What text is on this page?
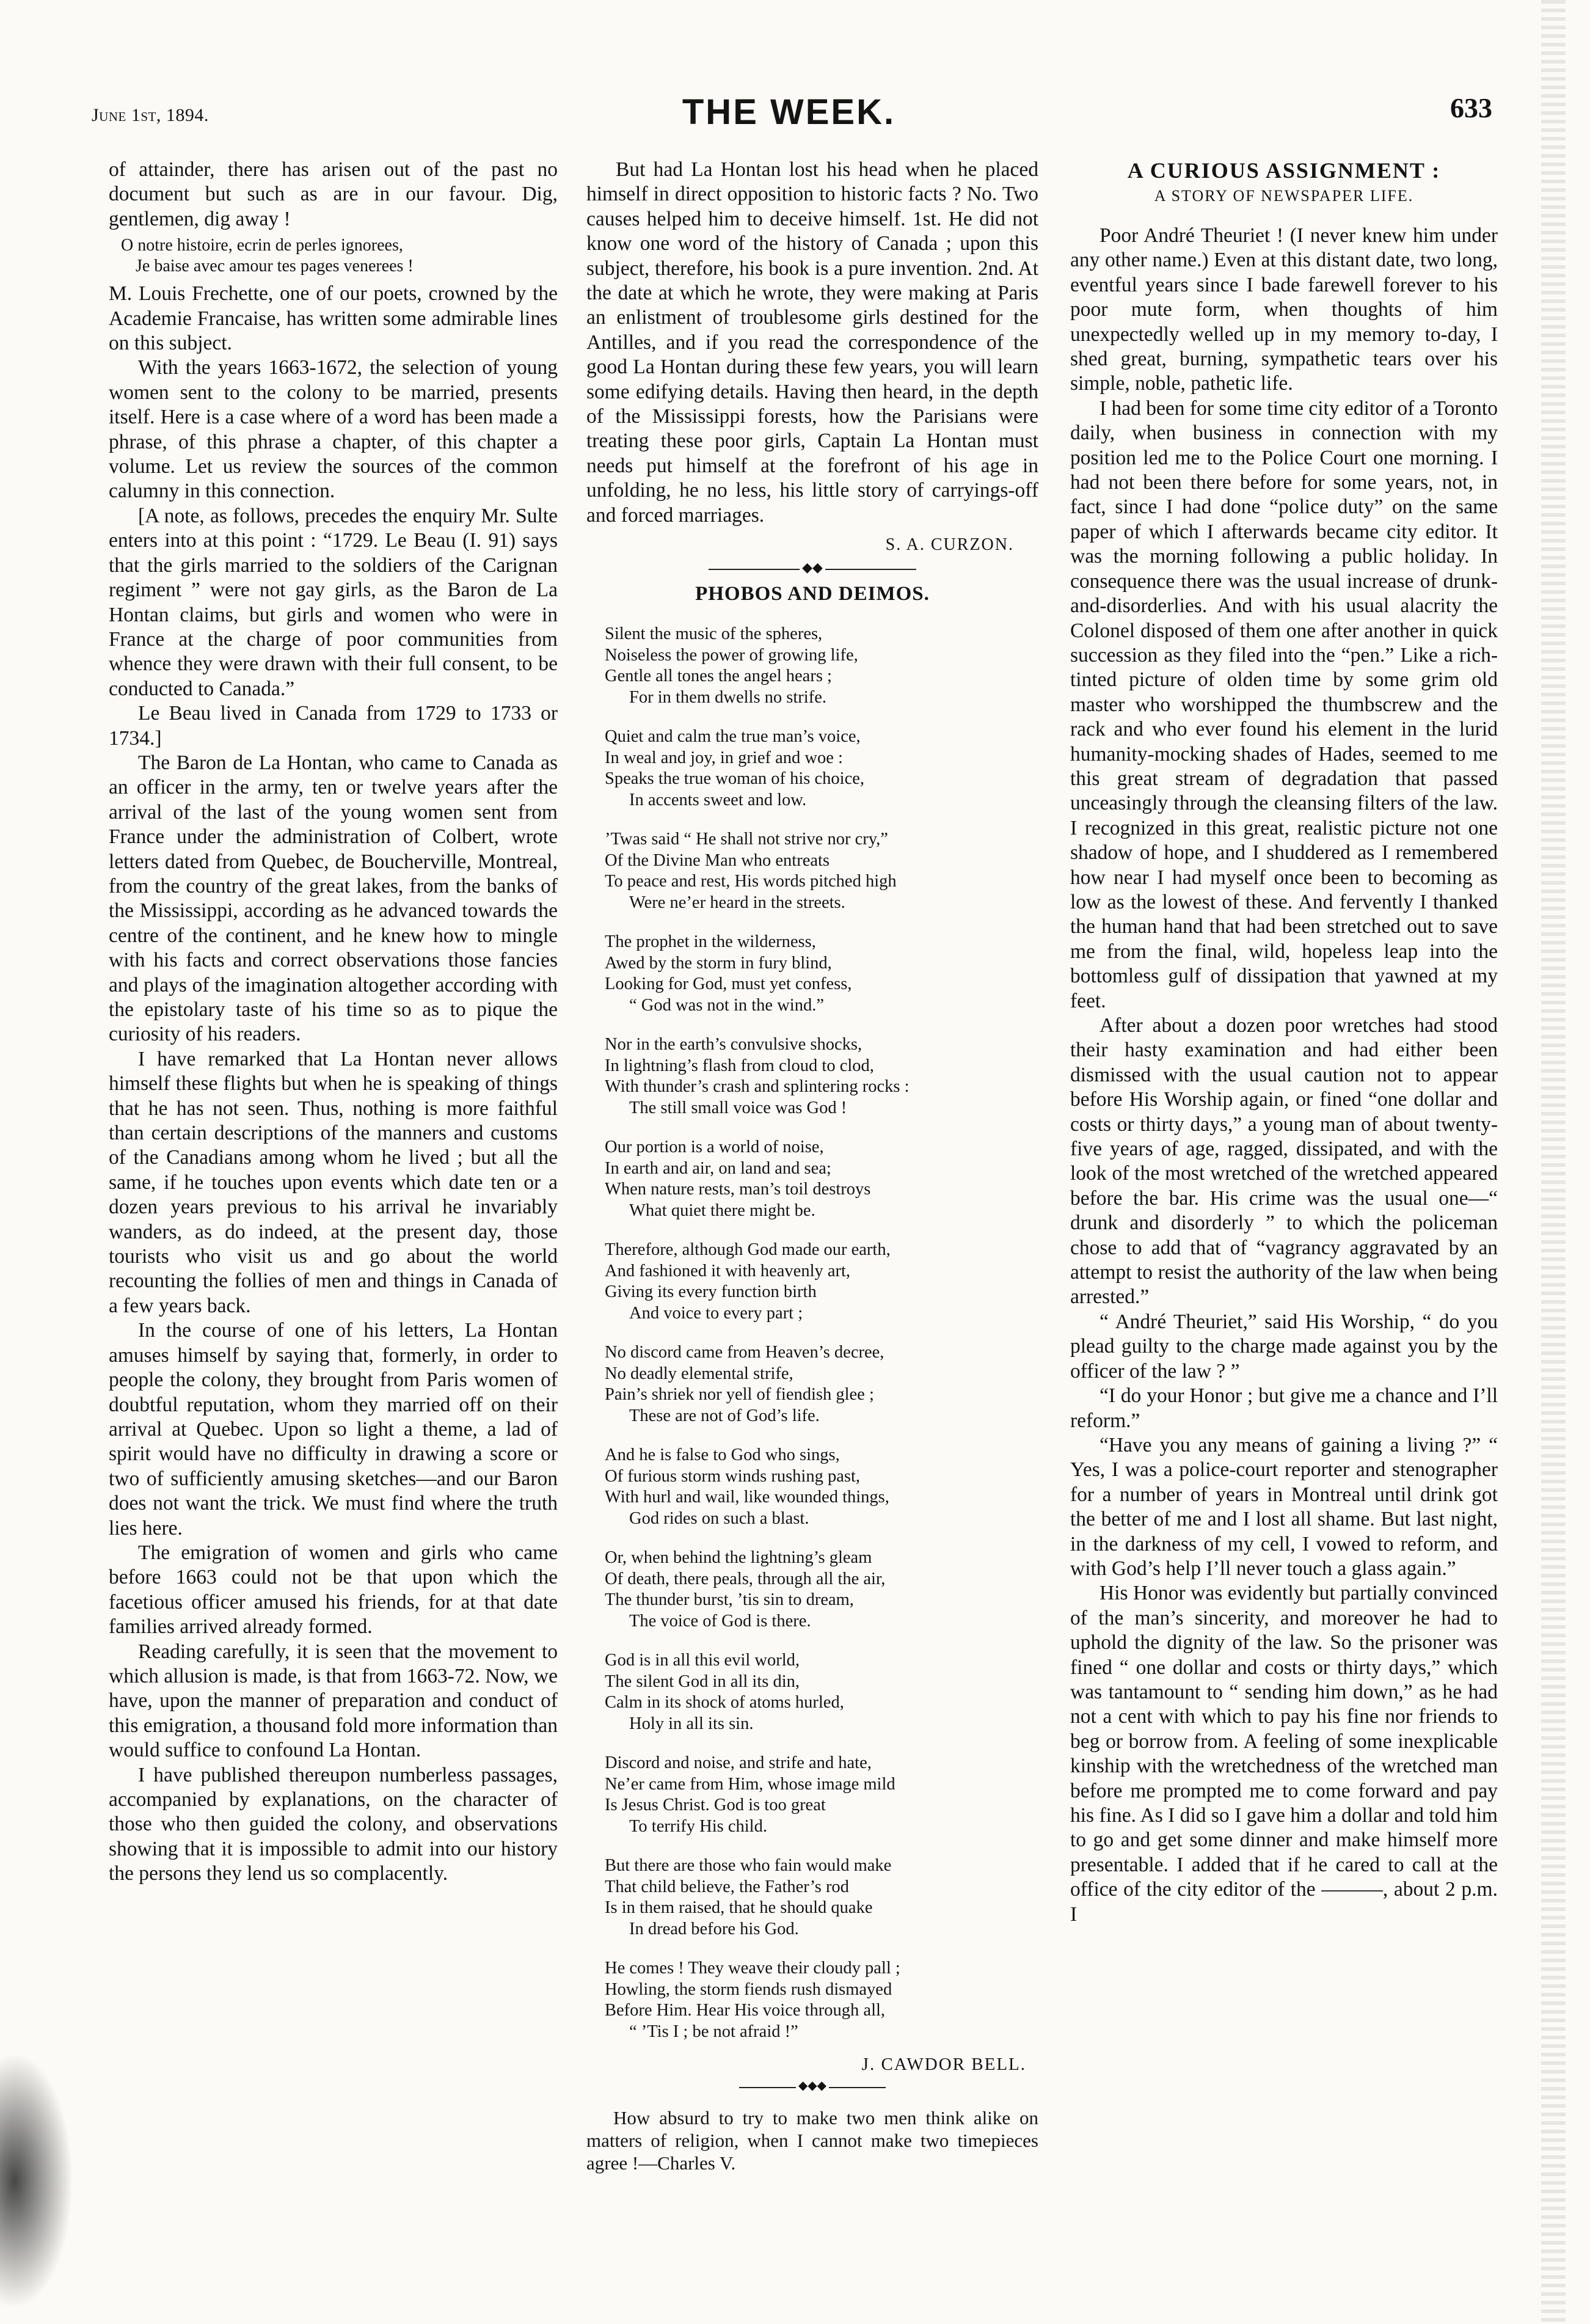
June 1st, 1894.	THE WEEK.	633

of attainder, there has arisen out of the past no document but such as are in our favour. Dig, gentlemen, dig away !

O notre histoire, ecrin de perles ignorees,
Je baise avec amour tes pages venerees !

M. Louis Frechette, one of our poets, crowned by the Academie Francaise, has written some admirable lines on this subject.

With the years 1663-1672, the selection of young women sent to the colony to be married, presents itself. Here is a case where of a word has been made a phrase, of this phrase a chapter, of this chapter a volume. Let us review the sources of the common calumny in this connection.

[A note, as follows, precedes the enquiry Mr. Sulte enters into at this point : “1729. Le Beau (I. 91) says that the girls married to the soldiers of the Carignan regiment ” were not gay girls, as the Baron de La Hontan claims, but girls and women who were in France at the charge of poor communities from whence they were drawn with their full consent, to be conducted to Canada.”

Le Beau lived in Canada from 1729 to 1733 or 1734.]

The Baron de La Hontan, who came to Canada as an officer in the army, ten or twelve years after the arrival of the last of the young women sent from France under the administration of Colbert, wrote letters dated from Quebec, de Boucherville, Montreal, from the country of the great lakes, from the banks of the Mississippi, according as he advanced towards the centre of the continent, and he knew how to mingle with his facts and correct observations those fancies and plays of the imagination altogether according with the epistolary taste of his time so as to pique the curiosity of his readers.

I have remarked that La Hontan never allows himself these flights but when he is speaking of things that he has not seen. Thus, nothing is more faithful than certain descriptions of the manners and customs of the Canadians among whom he lived ; but all the same, if he touches upon events which date ten or a dozen years previous to his arrival he invariably wanders, as do indeed, at the present day, those tourists who visit us and go about the world recounting the follies of men and things in Canada of a few years back.

In the course of one of his letters, La Hontan amuses himself by saying that, formerly, in order to people the colony, they brought from Paris women of doubtful reputation, whom they married off on their arrival at Quebec. Upon so light a theme, a lad of spirit would have no difficulty in drawing a score or two of sufficiently amusing sketches—and our Baron does not want the trick. We must find where the truth lies here.

The emigration of women and girls who came before 1663 could not be that upon which the facetious officer amused his friends, for at that date families arrived already formed.

Reading carefully, it is seen that the movement to which allusion is made, is that from 1663-72. Now, we have, upon the manner of preparation and conduct of this emigration, a thousand fold more information than would suffice to confound La Hontan.

I have published thereupon numberless passages, accompanied by explanations, on the character of those who then guided the colony, and observations showing that it is impossible to admit into our history the persons they lend us so complacently.

But had La Hontan lost his head when he placed himself in direct opposition to historic facts ? No. Two causes helped him to deceive himself. 1st. He did not know one word of the history of Canada ; upon this subject, therefore, his book is a pure invention. 2nd. At the date at which he wrote, they were making at Paris an enlistment of troublesome girls destined for the Antilles, and if you read the correspondence of the good La Hontan during these few years, you will learn some edifying details. Having then heard, in the depth of the Mississippi forests, how the Parisians were treating these poor girls, Captain La Hontan must needs put himself at the forefront of his age in unfolding, he no less, his little story of carryings-off and forced marriages.

S. A. CURZON.
◆◆
PHOBOS AND DEIMOS.
Silent the music of the spheres,
Noiseless the power of growing life,
Gentle all tones the angel hears ;
For in them dwells no strife.
Quiet and calm the true man’s voice,
In weal and joy, in grief and woe :
Speaks the true woman of his choice,
In accents sweet and low.
’Twas said “ He shall not strive nor cry,”
Of the Divine Man who entreats
To peace and rest, His words pitched high
Were ne’er heard in the streets.
The prophet in the wilderness,
Awed by the storm in fury blind,
Looking for God, must yet confess,
“ God was not in the wind.”
Nor in the earth’s convulsive shocks,
In lightning’s flash from cloud to clod,
With thunder’s crash and splintering rocks :
The still small voice was God !
Our portion is a world of noise,
In earth and air, on land and sea;
When nature rests, man’s toil destroys
What quiet there might be.
Therefore, although God made our earth,
And fashioned it with heavenly art,
Giving its every function birth
And voice to every part ;
No discord came from Heaven’s decree,
No deadly elemental strife,
Pain’s shriek nor yell of fiendish glee ;
These are not of God’s life.
And he is false to God who sings,
Of furious storm winds rushing past,
With hurl and wail, like wounded things,
God rides on such a blast.
Or, when behind the lightning’s gleam
Of death, there peals, through all the air,
The thunder burst, ’tis sin to dream,
The voice of God is there.
God is in all this evil world,
The silent God in all its din,
Calm in its shock of atoms hurled,
Holy in all its sin.
Discord and noise, and strife and hate,
Ne’er came from Him, whose image mild
Is Jesus Christ. God is too great
To terrify His child.
But there are those who fain would make
That child believe, the Father’s rod
Is in them raised, that he should quake
In dread before his God.
He comes ! They weave their cloudy pall ;
Howling, the storm fiends rush dismayed
Before Him. Hear His voice through all,
“ ’Tis I ; be not afraid !”
J. CAWDOR BELL.
◆◆◆

How absurd to try to make two men think alike on matters of religion, when I cannot make two timepieces agree !—Charles V.

A CURIOUS ASSIGNMENT :
A STORY OF NEWSPAPER LIFE.

Poor André Theuriet ! (I never knew him under any other name.) Even at this distant date, two long, eventful years since I bade farewell forever to his poor mute form, when thoughts of him unexpectedly welled up in my memory to-day, I shed great, burning, sympathetic tears over his simple, noble, pathetic life.

I had been for some time city editor of a Toronto daily, when business in connection with my position led me to the Police Court one morning. I had not been there before for some years, not, in fact, since I had done “police duty” on the same paper of which I afterwards became city editor. It was the morning following a public holiday. In consequence there was the usual increase of drunk-and-disorderlies. And with his usual alacrity the Colonel disposed of them one after another in quick succession as they filed into the “pen.” Like a rich-tinted picture of olden time by some grim old master who worshipped the thumbscrew and the rack and who ever found his element in the lurid humanity-mocking shades of Hades, seemed to me this great stream of degradation that passed unceasingly through the cleansing filters of the law. I recognized in this great, realistic picture not one shadow of hope, and I shuddered as I remembered how near I had myself once been to becoming as low as the lowest of these. And fervently I thanked the human hand that had been stretched out to save me from the final, wild, hopeless leap into the bottomless gulf of dissipation that yawned at my feet.

After about a dozen poor wretches had stood their hasty examination and had either been dismissed with the usual caution not to appear before His Worship again, or fined “one dollar and costs or thirty days,” a young man of about twenty-five years of age, ragged, dissipated, and with the look of the most wretched of the wretched appeared before the bar. His crime was the usual one—“ drunk and disorderly ” to which the policeman chose to add that of “vagrancy aggravated by an attempt to resist the authority of the law when being arrested.”

“ André Theuriet,” said His Worship, “ do you plead guilty to the charge made against you by the officer of the law ? ”

“I do your Honor ; but give me a chance and I’ll reform.”

“Have you any means of gaining a living ?” “ Yes, I was a police-court reporter and stenographer for a number of years in Montreal until drink got the better of me and I lost all shame. But last night, in the darkness of my cell, I vowed to reform, and with God’s help I’ll never touch a glass again.”

His Honor was evidently but partially convinced of the man’s sincerity, and moreover he had to uphold the dignity of the law. So the prisoner was fined “ one dollar and costs or thirty days,” which was tantamount to “ sending him down,” as he had not a cent with which to pay his fine nor friends to beg or borrow from. A feeling of some inexplicable kinship with the wretchedness of the wretched man before me prompted me to come forward and pay his fine. As I did so I gave him a dollar and told him to go and get some dinner and make himself more presentable. I added that if he cared to call at the office of the city editor of the ———, about 2 p.m. I
